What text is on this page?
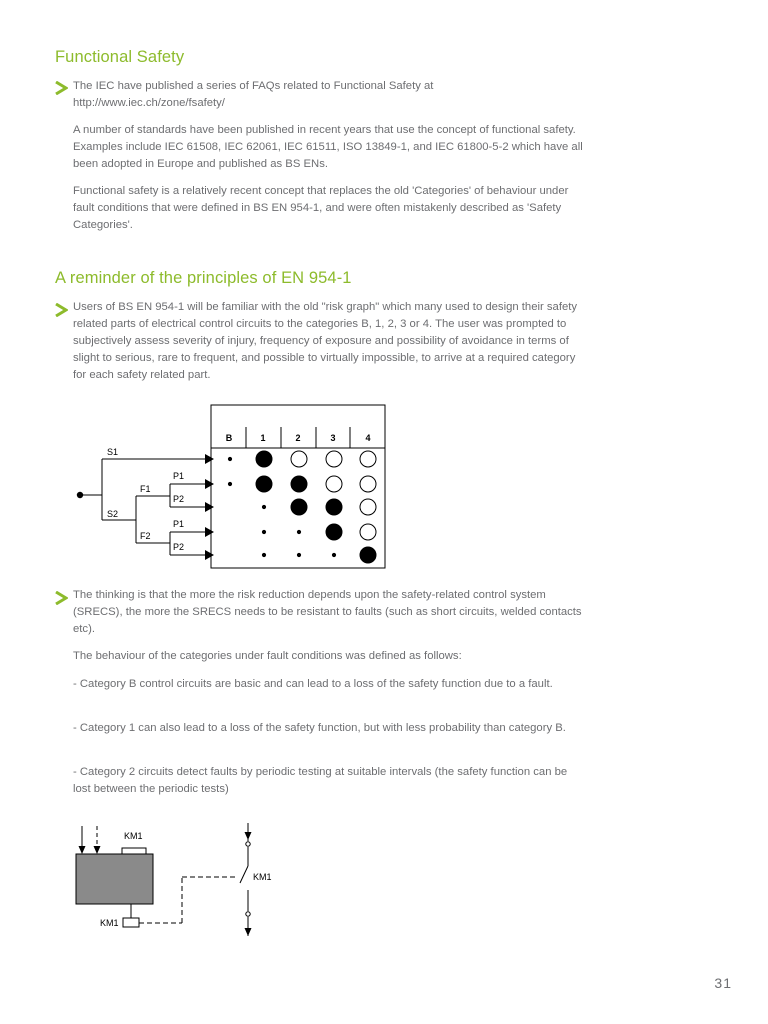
Functional Safety

The IEC have published a series of FAQs related to Functional Safety at http://www.iec.ch/zone/fsafety/

A number of standards have been published in recent years that use the concept of functional safety. Examples include IEC 61508, IEC 62061, IEC 61511, ISO 13849-1, and IEC 61800-5-2 which have all been adopted in Europe and published as BS ENs.

Functional safety is a relatively recent concept that replaces the old 'Categories' of behaviour under fault conditions that were defined in BS EN 954-1, and were often mistakenly described as 'Safety Categories'.

A reminder of the principles of EN 954-1

Users of BS EN 954-1 will be familiar with the old "risk graph" which many used to design their safety related parts of electrical control circuits to the categories B, 1, 2, 3 or 4. The user was prompted to subjectively assess severity of injury, frequency of exposure and possibility of avoidance in terms of slight to serious, rare to frequent, and possible to virtually impossible, to arrive at a required category for each safety related part.

B	1	2	3	4
S1
S2
F1
F2
P1
P2
P1
P2

The thinking is that the more the risk reduction depends upon the safety-related control system (SRECS), the more the SRECS needs to be resistant to faults (such as short circuits, welded contacts etc).

The behaviour of the categories under fault conditions was defined as follows:

- Category B control circuits are basic and can lead to a loss of the safety function due to a fault.

- Category 1 can also lead to a loss of the safety function, but with less probability than category B.

- Category 2 circuits detect faults by periodic testing at suitable intervals (the safety function can be lost between the periodic tests)

KM1
KM1
KM1
31
